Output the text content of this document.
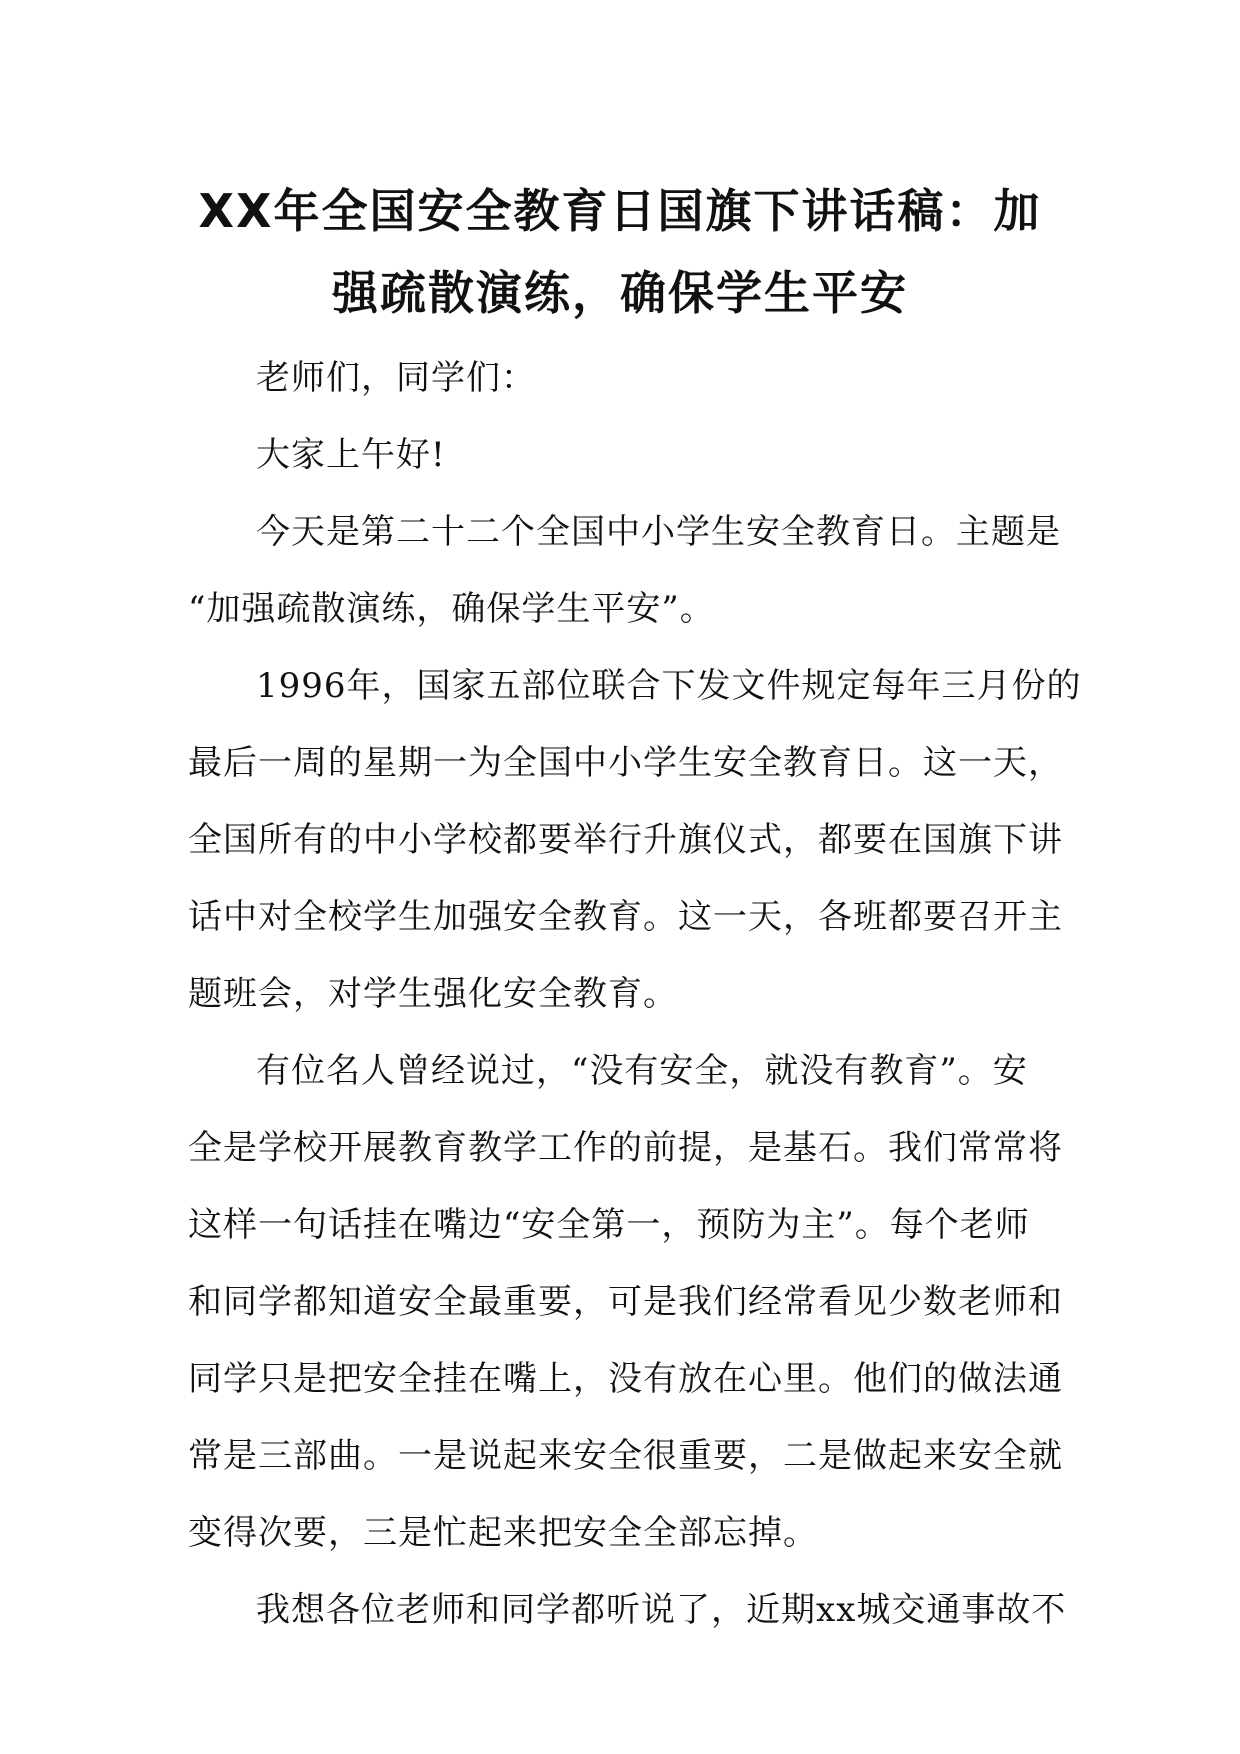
XX年全国安全教育日国旗下讲话稿：加
强疏散演练，确保学生平安
老师们，同学们：
大家上午好!
今天是第二十二个全国中小学生安全教育日。主题是
“加强疏散演练，确保学生平安”。
1996年，国家五部位联合下发文件规定每年三月份的
最后一周的星期一为全国中小学生安全教育日。这一天，
全国所有的中小学校都要举行升旗仪式，都要在国旗下讲
话中对全校学生加强安全教育。这一天，各班都要召开主
题班会，对学生强化安全教育。
有位名人曾经说过，“没有安全，就没有教育”。安
全是学校开展教育教学工作的前提，是基石。我们常常将
这样一句话挂在嘴边“安全第一，预防为主”。每个老师
和同学都知道安全最重要，可是我们经常看见少数老师和
同学只是把安全挂在嘴上，没有放在心里。他们的做法通
常是三部曲。一是说起来安全很重要，二是做起来安全就
变得次要，三是忙起来把安全全部忘掉。
我想各位老师和同学都听说了，近期xx城交通事故不
